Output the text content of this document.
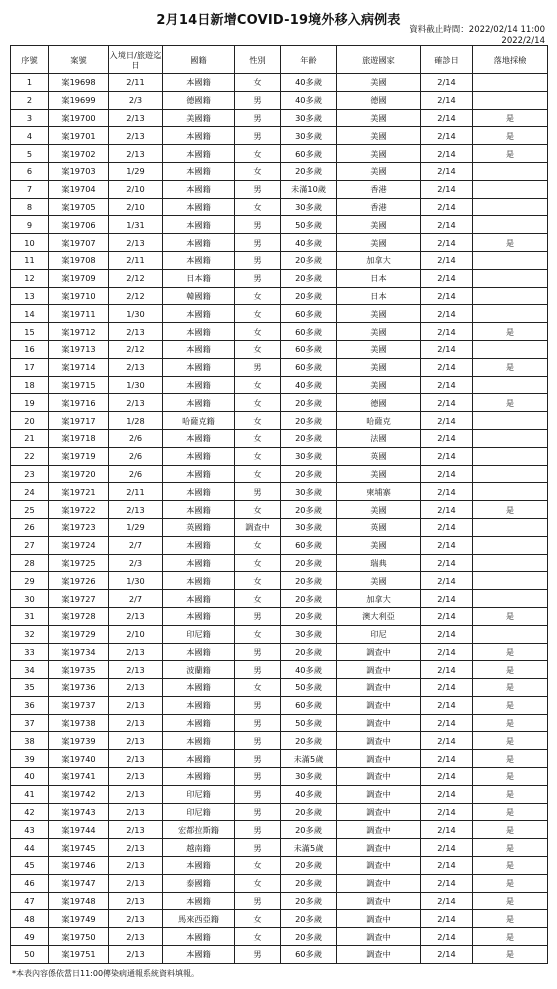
2月14日新增COVID-19境外移入病例表
資料截止時間：2022/02/14 11:00
2022/2/14
序號	案號	入境日/旅遊迄日	國籍	性別	年齡	旅遊國家	確診日	落地採檢
1	案19698	2/11	本國籍	女	40多歲	美國	2/14	
2	案19699	2/3	德國籍	男	40多歲	德國	2/14	
3	案19700	2/13	美國籍	男	30多歲	美國	2/14	是
4	案19701	2/13	本國籍	男	30多歲	美國	2/14	是
5	案19702	2/13	本國籍	女	60多歲	美國	2/14	是
6	案19703	1/29	本國籍	女	20多歲	美國	2/14	
7	案19704	2/10	本國籍	男	未滿10歲	香港	2/14	
8	案19705	2/10	本國籍	女	30多歲	香港	2/14	
9	案19706	1/31	本國籍	男	50多歲	美國	2/14	
10	案19707	2/13	本國籍	男	40多歲	美國	2/14	是
11	案19708	2/11	本國籍	男	20多歲	加拿大	2/14	
12	案19709	2/12	日本籍	男	20多歲	日本	2/14	
13	案19710	2/12	韓國籍	女	20多歲	日本	2/14	
14	案19711	1/30	本國籍	女	60多歲	美國	2/14	
15	案19712	2/13	本國籍	女	60多歲	美國	2/14	是
16	案19713	2/12	本國籍	女	60多歲	美國	2/14	
17	案19714	2/13	本國籍	男	60多歲	美國	2/14	是
18	案19715	1/30	本國籍	女	40多歲	美國	2/14	
19	案19716	2/13	本國籍	女	20多歲	德國	2/14	是
20	案19717	1/28	哈薩克籍	女	20多歲	哈薩克	2/14	
21	案19718	2/6	本國籍	女	20多歲	法國	2/14	
22	案19719	2/6	本國籍	女	30多歲	英國	2/14	
23	案19720	2/6	本國籍	女	20多歲	美國	2/14	
24	案19721	2/11	本國籍	男	30多歲	柬埔寨	2/14	
25	案19722	2/13	本國籍	女	20多歲	美國	2/14	是
26	案19723	1/29	英國籍	調查中	30多歲	英國	2/14	
27	案19724	2/7	本國籍	女	60多歲	美國	2/14	
28	案19725	2/3	本國籍	女	20多歲	瑞典	2/14	
29	案19726	1/30	本國籍	女	20多歲	美國	2/14	
30	案19727	2/7	本國籍	女	20多歲	加拿大	2/14	
31	案19728	2/13	本國籍	男	20多歲	澳大利亞	2/14	是
32	案19729	2/10	印尼籍	女	30多歲	印尼	2/14	
33	案19734	2/13	本國籍	男	20多歲	調查中	2/14	是
34	案19735	2/13	波蘭籍	男	40多歲	調查中	2/14	是
35	案19736	2/13	本國籍	女	50多歲	調查中	2/14	是
36	案19737	2/13	本國籍	男	60多歲	調查中	2/14	是
37	案19738	2/13	本國籍	男	50多歲	調查中	2/14	是
38	案19739	2/13	本國籍	男	20多歲	調查中	2/14	是
39	案19740	2/13	本國籍	男	未滿5歲	調查中	2/14	是
40	案19741	2/13	本國籍	男	30多歲	調查中	2/14	是
41	案19742	2/13	印尼籍	男	40多歲	調查中	2/14	是
42	案19743	2/13	印尼籍	男	20多歲	調查中	2/14	是
43	案19744	2/13	宏都拉斯籍	男	20多歲	調查中	2/14	是
44	案19745	2/13	越南籍	男	未滿5歲	調查中	2/14	是
45	案19746	2/13	本國籍	女	20多歲	調查中	2/14	是
46	案19747	2/13	泰國籍	女	20多歲	調查中	2/14	是
47	案19748	2/13	本國籍	男	20多歲	調查中	2/14	是
48	案19749	2/13	馬來西亞籍	女	20多歲	調查中	2/14	是
49	案19750	2/13	本國籍	女	20多歲	調查中	2/14	是
50	案19751	2/13	本國籍	男	60多歲	調查中	2/14	是
*本表內容係依當日11:00傳染病通報系統資料填報。
